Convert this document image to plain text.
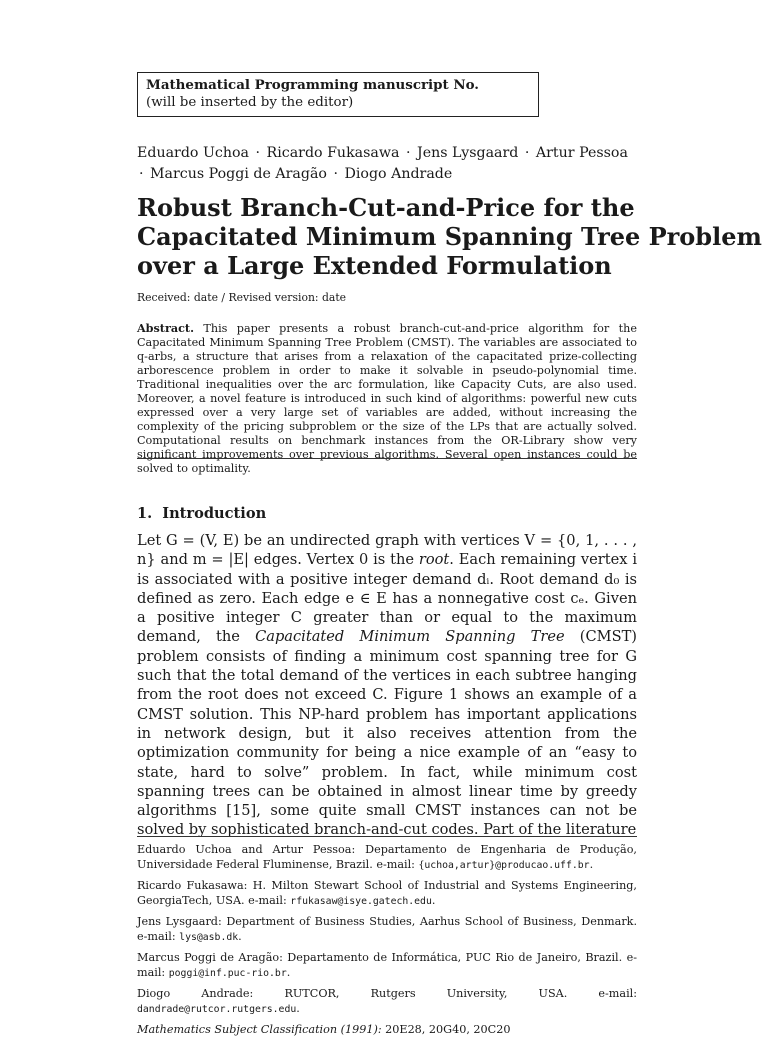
Mathematical Programming manuscript No.
(will be inserted by the editor)
Eduardo Uchoa · Ricardo Fukasawa · Jens Lysgaard · Artur Pessoa · Marcus Poggi de Aragão · Diogo Andrade
Robust Branch-Cut-and-Price for the
Capacitated Minimum Spanning Tree Problem
over a Large Extended Formulation
Received: date / Revised version: date
Abstract. This paper presents a robust branch-cut-and-price algorithm for the Capacitated Minimum Spanning Tree Problem (CMST). The variables are associated to q-arbs, a structure that arises from a relaxation of the capacitated prize-collecting arborescence problem in order to make it solvable in pseudo-polynomial time. Traditional inequalities over the arc formulation, like Capacity Cuts, are also used. Moreover, a novel feature is introduced in such kind of algorithms: powerful new cuts expressed over a very large set of variables are added, without increasing the complexity of the pricing subproblem or the size of the LPs that are actually solved. Computational results on benchmark instances from the OR-Library show very significant improvements over previous algorithms. Several open instances could be solved to optimality.
1. Introduction
Let G = (V, E) be an undirected graph with vertices V = {0, 1, . . . , n} and m = |E| edges. Vertex 0 is the root. Each remaining vertex i is associated with a positive integer demand dᵢ. Root demand d₀ is defined as zero. Each edge e ∈ E has a nonnegative cost cₑ. Given a positive integer C greater than or equal to the maximum demand, the Capacitated Minimum Spanning Tree (CMST) problem consists of finding a minimum cost spanning tree for G such that the total demand of the vertices in each subtree hanging from the root does not exceed C. Figure 1 shows an example of a CMST solution. This NP-hard problem has important applications in network design, but it also receives attention from the optimization community for being a nice example of an “easy to state, hard to solve” problem. In fact, while minimum cost spanning trees can be obtained in almost linear time by greedy algorithms [15], some quite small CMST instances can not be solved by sophisticated branch-and-cut codes. Part of the literature

Eduardo Uchoa and Artur Pessoa: Departamento de Engenharia de Produção, Universidade Federal Fluminense, Brazil. e-mail: {uchoa,artur}@producao.uff.br.

Ricardo Fukasawa: H. Milton Stewart School of Industrial and Systems Engineering, GeorgiaTech, USA. e-mail: rfukasaw@isye.gatech.edu.

Jens Lysgaard: Department of Business Studies, Aarhus School of Business, Denmark. e-mail: lys@asb.dk.

Marcus Poggi de Aragão: Departamento de Informática, PUC Rio de Janeiro, Brazil. e-mail: poggi@inf.puc-rio.br.

Diogo Andrade: RUTCOR, Rutgers University, USA. e-mail: dandrade@rutcor.rutgers.edu.

Mathematics Subject Classification (1991): 20E28, 20G40, 20C20
